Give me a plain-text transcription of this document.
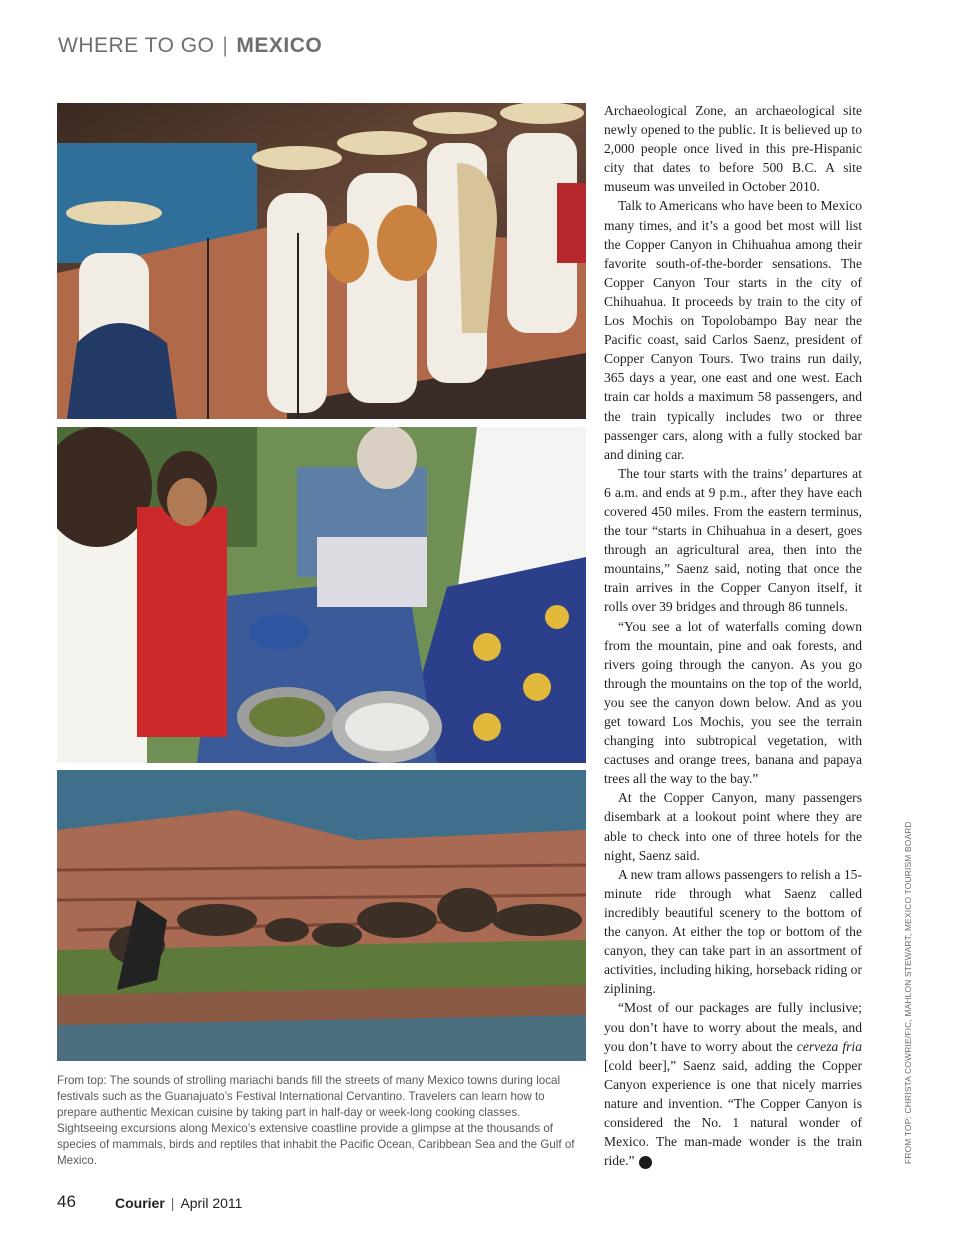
WHERE TO GO | MEXICO
From top: The sounds of strolling mariachi bands fill the streets of many Mexico towns during local festivals such as the Guanajuato’s Festival International Cervantino. Travelers can learn how to prepare authentic Mexican cuisine by taking part in half-day or week-long cooking classes. Sightseeing excursions along Mexico’s extensive coastline provide a glimpse at the thousands of species of mammals, birds and reptiles that inhabit the Pacific Ocean, Caribbean Sea and the Gulf of Mexico.

Archaeological Zone, an archaeological site newly opened to the public. It is believed up to 2,000 people once lived in this pre-Hispanic city that dates to before 500 B.C. A site museum was unveiled in October 2010.

Talk to Americans who have been to Mexico many times, and it’s a good bet most will list the Copper Canyon in Chihuahua among their favorite south-of-the-border sensations. The Copper Canyon Tour starts in the city of Chihuahua. It proceeds by train to the city of Los Mochis on Topolobampo Bay near the Pacific coast, said Carlos Saenz, president of Copper Canyon Tours. Two trains run daily, 365 days a year, one east and one west. Each train car holds a maximum 58 passengers, and the train typically includes two or three passenger cars, along with a fully stocked bar and dining car.

The tour starts with the trains’ departures at 6 a.m. and ends at 9 p.m., after they have each covered 450 miles. From the eastern terminus, the tour “starts in Chihuahua in a desert, goes through an agricultural area, then into the mountains,” Saenz said, noting that once the train arrives in the Copper Canyon itself, it rolls over 39 bridges and through 86 tunnels.

“You see a lot of waterfalls coming down from the mountain, pine and oak forests, and rivers going through the canyon. As you go through the mountains on the top of the world, you see the canyon down below. And as you get toward Los Mochis, you see the terrain changing into subtropical vegetation, with cactuses and orange trees, banana and papaya trees all the way to the bay.”

At the Copper Canyon, many passengers disembark at a lookout point where they are able to check into one of three hotels for the night, Saenz said.

A new tram allows passengers to relish a 15-minute ride through what Saenz called incredibly beautiful scenery to the bottom of the canyon. At either the top or bottom of the canyon, they can take part in an assortment of activities, including hiking, horseback riding or ziplining.

“Most of our packages are fully inclusive; you don’t have to worry about the meals, and you don’t have to worry about the cerveza fria [cold beer],” Saenz said, adding the Copper Canyon experience is one that nicely marries nature and invention. “The Copper Canyon is considered the No. 1 natural wonder of Mexico. The man-made wonder is the train ride.” C	FROM TOP: CHRISTA COWRIE/FIC, MAHLON STEWART, MEXICO TOURISM BOARD
46	Courier | April 2011
